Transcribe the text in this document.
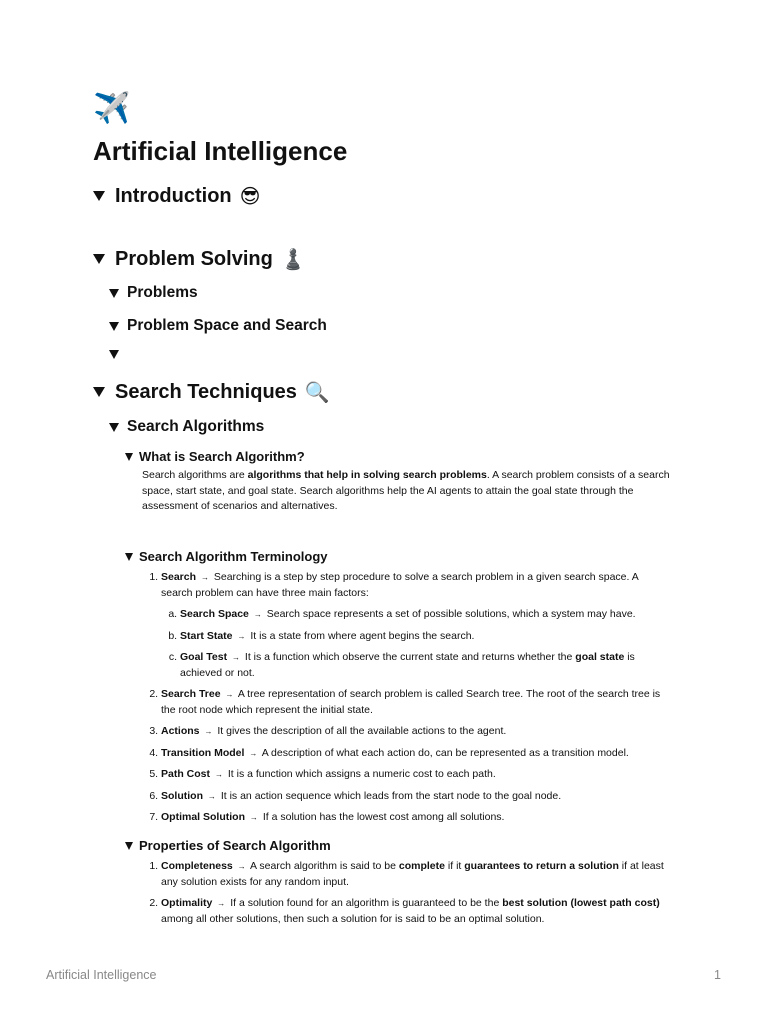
✈️
Artificial Intelligence
Introduction 😎
Problem Solving ♟️
Problems
Problem Space and Search
Search Techniques 🔍
Search Algorithms
What is Search Algorithm?
Search algorithms are algorithms that help in solving search problems. A search problem consists of a search space, start state, and goal state. Search algorithms help the AI agents to attain the goal state through the assessment of scenarios and alternatives.
Search Algorithm Terminology
1. Search → Searching is a step by step procedure to solve a search problem in a given search space. A search problem can have three main factors:
a. Search Space → Search space represents a set of possible solutions, which a system may have.
b. Start State → It is a state from where agent begins the search.
c. Goal Test → It is a function which observe the current state and returns whether the goal state is achieved or not.
2. Search Tree → A tree representation of search problem is called Search tree. The root of the search tree is the root node which represent the initial state.
3. Actions → It gives the description of all the available actions to the agent.
4. Transition Model → A description of what each action do, can be represented as a transition model.
5. Path Cost → It is a function which assigns a numeric cost to each path.
6. Solution → It is an action sequence which leads from the start node to the goal node.
7. Optimal Solution → If a solution has the lowest cost among all solutions.
Properties of Search Algorithm
1. Completeness → A search algorithm is said to be complete if it guarantees to return a solution if at least any solution exists for any random input.
2. Optimality → If a solution found for an algorithm is guaranteed to be the best solution (lowest path cost) among all other solutions, then such a solution for is said to be an optimal solution.
Artificial Intelligence	1
